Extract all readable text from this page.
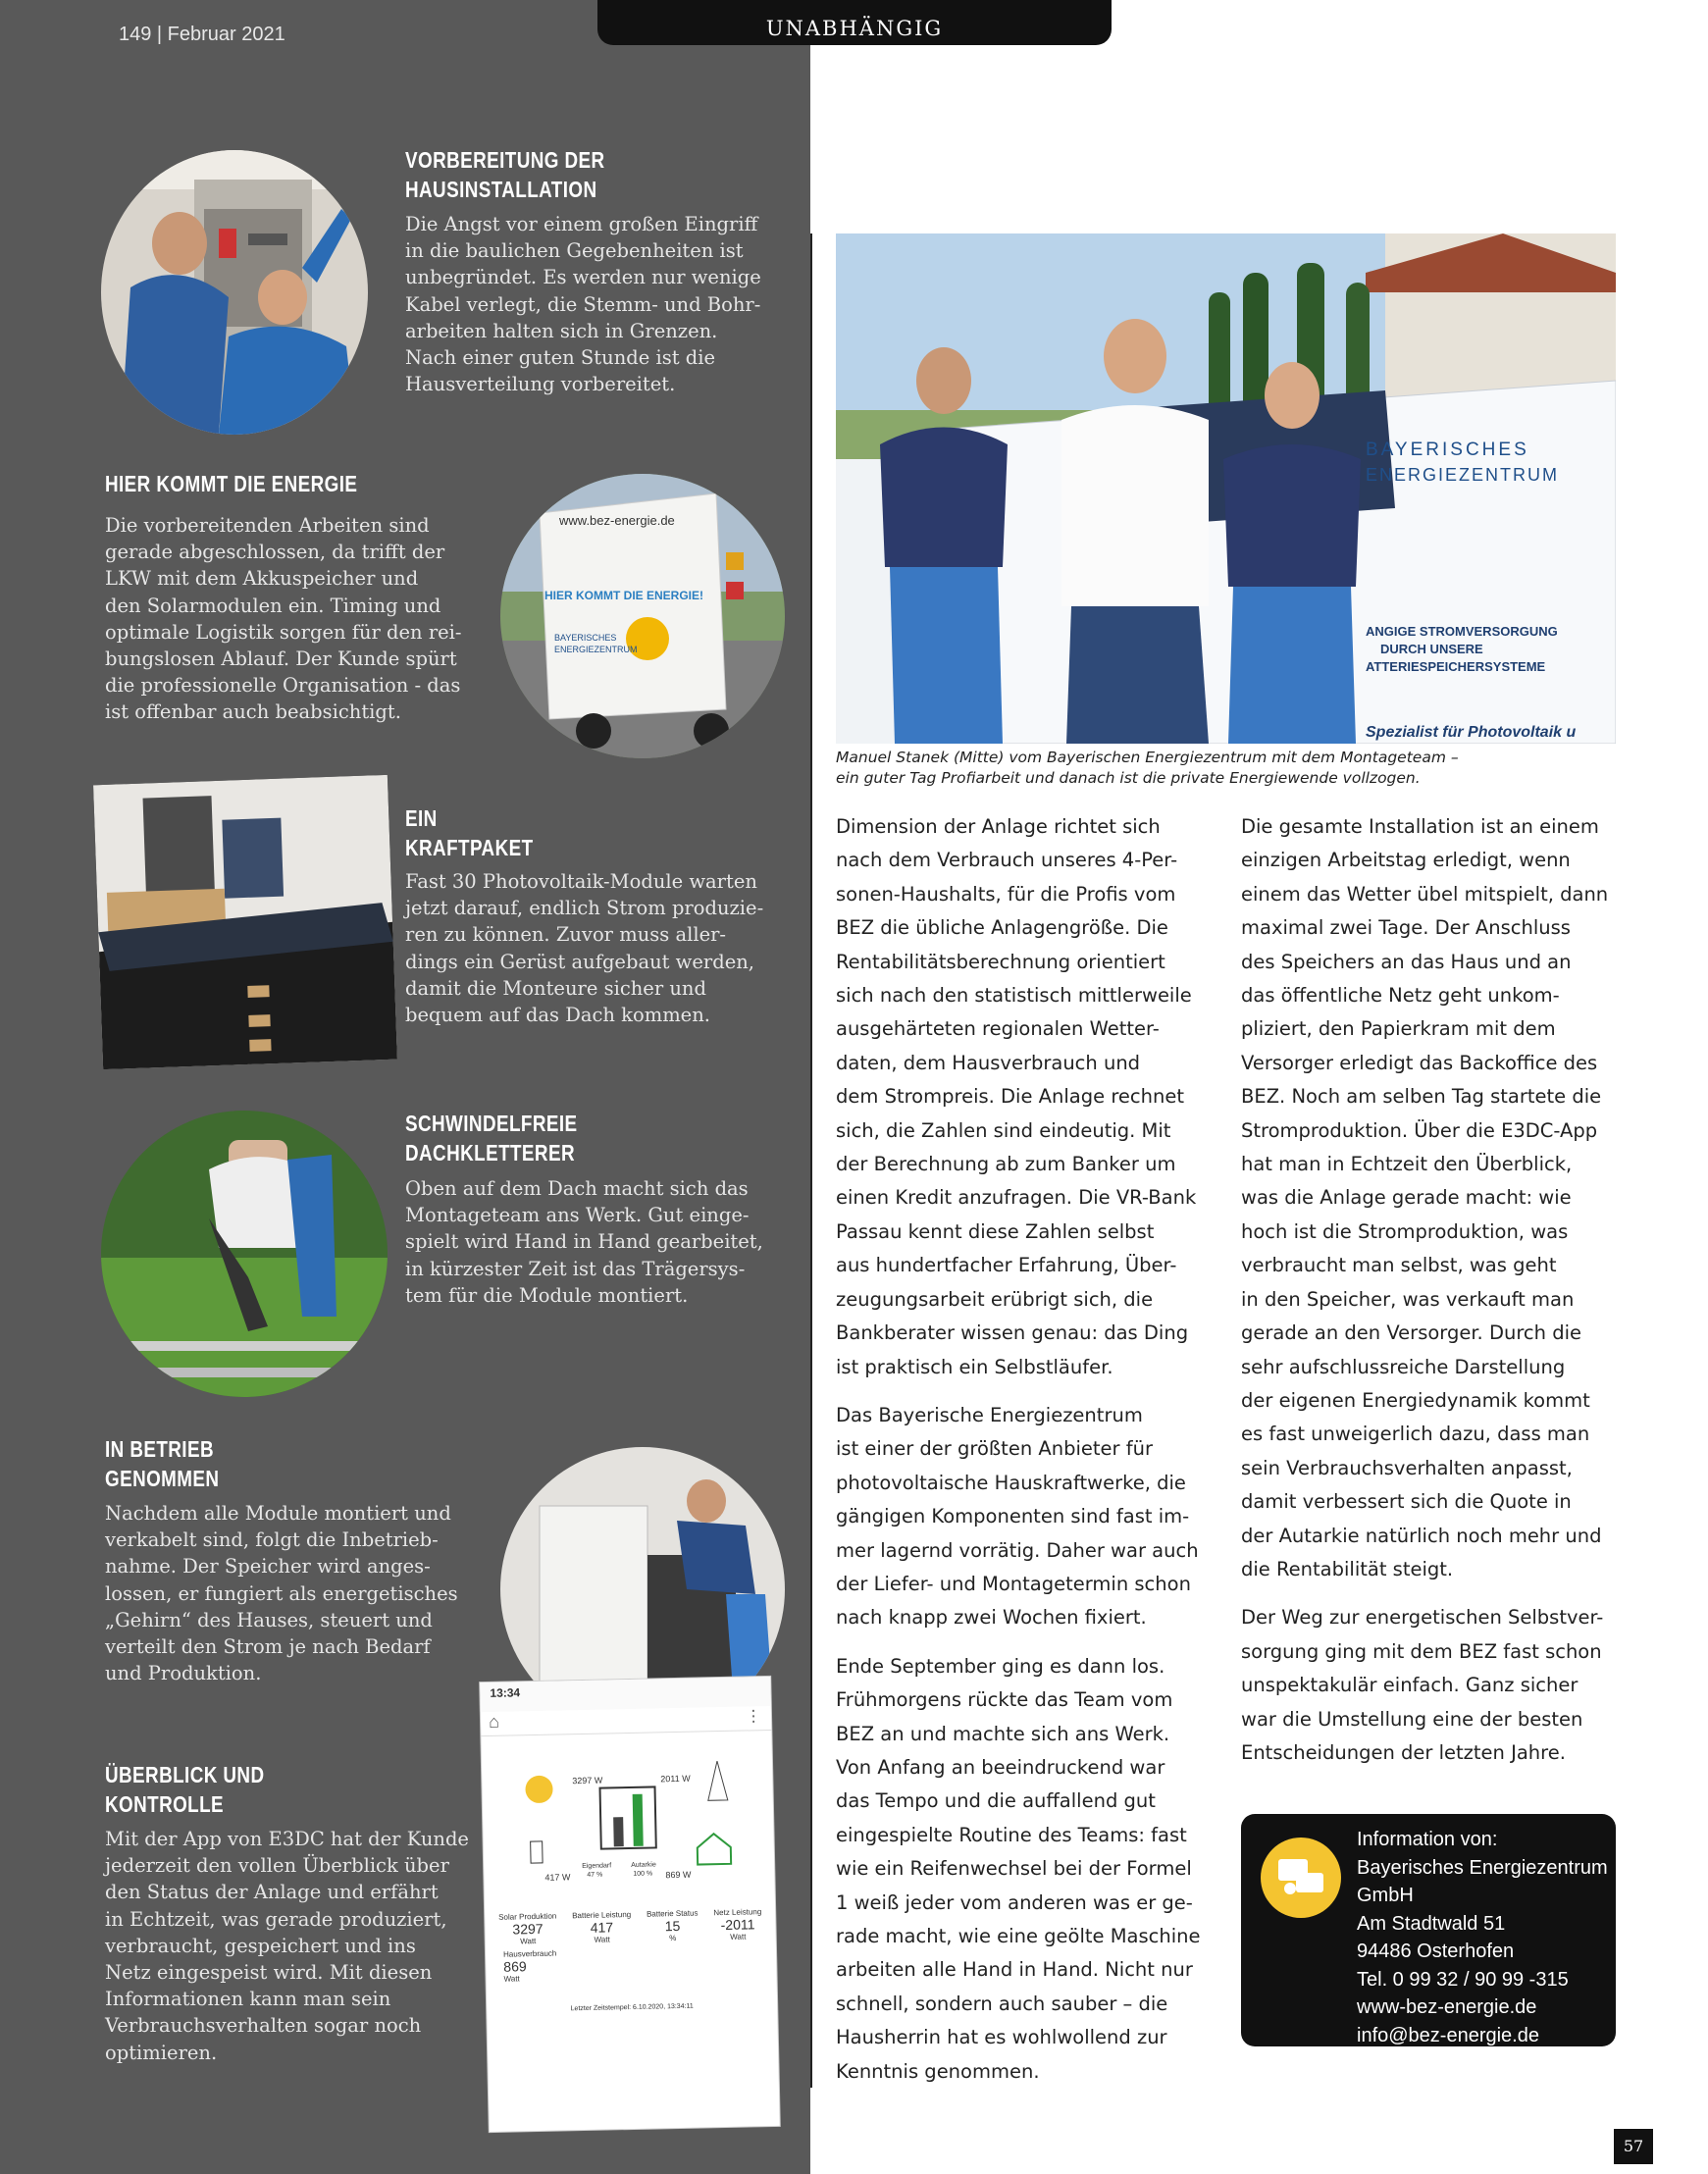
149 | Februar 2021	UNABHÄNGIG
VORBEREITUNG DER
HAUSINSTALLATION
Die Angst vor einem großen Eingriff
in die baulichen Gegebenheiten ist
unbegründet. Es werden nur wenige
Kabel verlegt, die Stemm- und Bohr-
arbeiten halten sich in Grenzen.
Nach einer guten Stunde ist die
Hausverteilung vorbereitet.
HIER KOMMT DIE ENERGIE
Die vorbereitenden Arbeiten sind
gerade abgeschlossen, da trifft der
LKW mit dem Akkuspeicher und
den Solarmodulen ein. Timing und
optimale Logistik sorgen für den rei-
bungslosen Ablauf. Der Kunde spürt
die professionelle Organisation - das
ist offenbar auch beabsichtigt.
www.bez-energie.de
HIER KOMMT DIE ENERGIE!
BAYERISCHES
ENERGIEZENTRUM
EIN
KRAFTPAKET
Fast 30 Photovoltaik-Module warten
jetzt darauf, endlich Strom produzie-
ren zu können. Zuvor muss aller-
dings ein Gerüst aufgebaut werden,
damit die Monteure sicher und
bequem auf das Dach kommen.
SCHWINDELFREIE
DACHKLETTERER
Oben auf dem Dach macht sich das
Montageteam ans Werk. Gut einge-
spielt wird Hand in Hand gearbeitet,
in kürzester Zeit ist das Trägersys-
tem für die Module montiert.
IN BETRIEB
GENOMMEN
Nachdem alle Module montiert und
verkabelt sind, folgt die Inbetrieb-
nahme. Der Speicher wird anges-
lossen, er fungiert als energetisches
„Gehirn“ des Hauses, steuert und
verteilt den Strom je nach Bedarf
und Produktion.
ÜBERBLICK UND
KONTROLLE
Mit der App von E3DC hat der Kunde
jederzeit den vollen Überblick über
den Status der Anlage und erfährt
in Echtzeit, was gerade produziert,
verbraucht, gespeichert und ins
Netz eingespeist wird. Mit diesen
Informationen kann man sein
Verbrauchsverhalten sogar noch
optimieren.
13:34
⌂	⋮
3297 W	2011 W
417 W
Eigendarf
47 %
Autarkie
100 % 869 W
Solar Produktion
3297
Watt
Batterie Leistung
417
Watt
Batterie Status
15
%
Netz Leistung
-2011
Watt
Hausverbrauch
869
Watt
Letzter Zeitstempel: 6.10.2020, 13:34:11
BAYERISCHES
ENERGIEZENTRUM
ANGIGE STROMVERSORGUNG
DURCH UNSERE
ATTERIESPEICHERSYSTEME
Spezialist für Photovoltaik u
Manuel Stanek (Mitte) vom Bayerischen Energiezentrum mit dem Montageteam –
ein guter Tag Profiarbeit und danach ist die private Energiewende vollzogen.

Dimension der Anlage richtet sich
nach dem Verbrauch unseres 4-Per-
sonen-Haushalts, für die Profis vom
BEZ die übliche Anlagengröße. Die
Rentabilitätsberechnung orientiert
sich nach den statistisch mittlerweile
ausgehärteten regionalen Wetter-
daten, dem Hausverbrauch und
dem Strompreis. Die Anlage rechnet
sich, die Zahlen sind eindeutig. Mit
der Berechnung ab zum Banker um
einen Kredit anzufragen. Die VR-Bank
Passau kennt diese Zahlen selbst
aus hundertfacher Erfahrung, Über-
zeugungsarbeit erübrigt sich, die
Bankberater wissen genau: das Ding
ist praktisch ein Selbstläufer.

Das Bayerische Energiezentrum
ist einer der größten Anbieter für
photovoltaische Hauskraftwerke, die
gängigen Komponenten sind fast im-
mer lagernd vorrätig. Daher war auch
der Liefer- und Montagetermin schon
nach knapp zwei Wochen fixiert.

Ende September ging es dann los.
Frühmorgens rückte das Team vom
BEZ an und machte sich ans Werk.
Von Anfang an beeindruckend war
das Tempo und die auffallend gut
eingespielte Routine des Teams: fast
wie ein Reifenwechsel bei der Formel
1 weiß jeder vom anderen was er ge-
rade macht, wie eine geölte Maschine
arbeiten alle Hand in Hand. Nicht nur
schnell, sondern auch sauber – die
Hausherrin hat es wohlwollend zur
Kenntnis genommen.

Die gesamte Installation ist an einem
einzigen Arbeitstag erledigt, wenn
einem das Wetter übel mitspielt, dann
maximal zwei Tage. Der Anschluss
des Speichers an das Haus und an
das öffentliche Netz geht unkom-
pliziert, den Papierkram mit dem
Versorger erledigt das Backoffice des
BEZ. Noch am selben Tag startete die
Stromproduktion. Über die E3DC-App
hat man in Echtzeit den Überblick,
was die Anlage gerade macht: wie
hoch ist die Stromproduktion, was
verbraucht man selbst, was geht
in den Speicher, was verkauft man
gerade an den Versorger. Durch die
sehr aufschlussreiche Darstellung
der eigenen Energiedynamik kommt
es fast unweigerlich dazu, dass man
sein Verbrauchsverhalten anpasst,
damit verbessert sich die Quote in
der Autarkie natürlich noch mehr und
die Rentabilität steigt.

Der Weg zur energetischen Selbstver-
sorgung ging mit dem BEZ fast schon
unspektakulär einfach. Ganz sicher
war die Umstellung eine der besten
Entscheidungen der letzten Jahre.

Information von:
Bayerisches Energiezentrum
GmbH
Am Stadtwald 51
94486 Osterhofen
Tel. 0 99 32 / 90 99 -315
www-bez-energie.de
info@bez-energie.de
57
